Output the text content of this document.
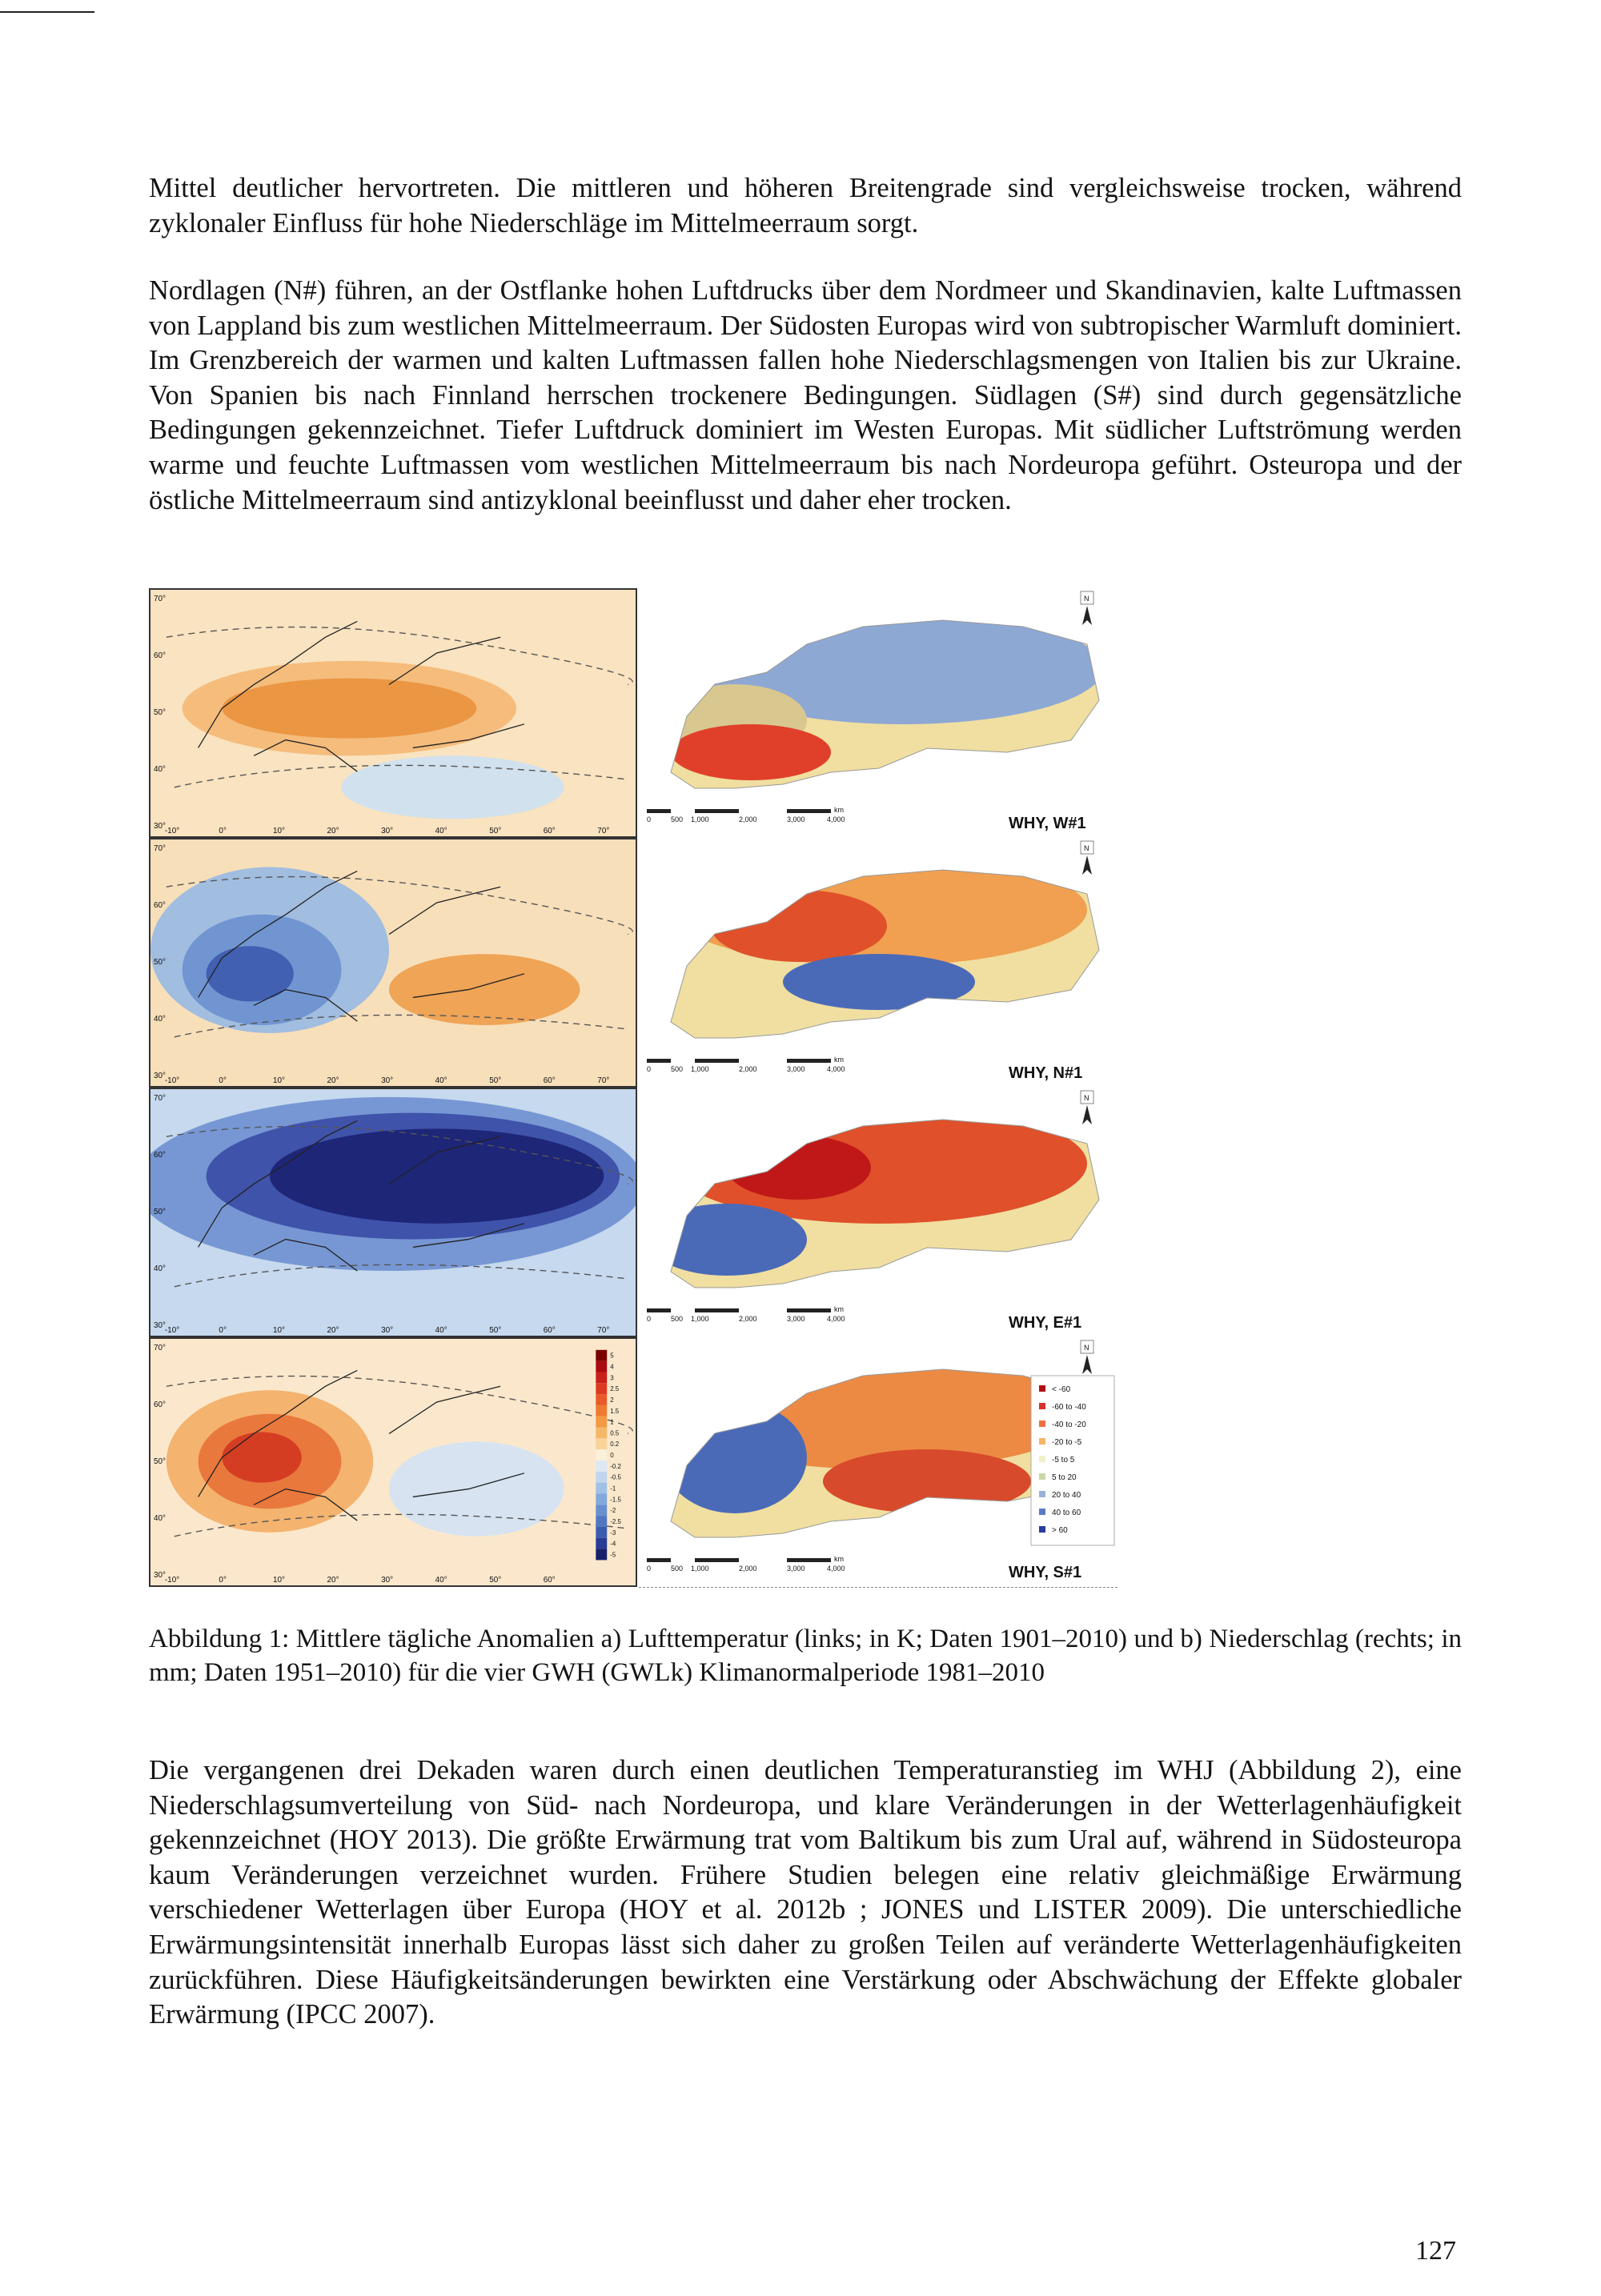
Mittel deutlicher hervortreten. Die mittleren und höheren Breitengrade sind vergleichsweise trocken, während zyklonaler Einfluss für hohe Niederschläge im Mittelmeerraum sorgt.

Nordlagen (N#) führen, an der Ostflanke hohen Luftdrucks über dem Nordmeer und Skandinavien, kalte Luftmassen von Lappland bis zum westlichen Mittelmeerraum. Der Südosten Europas wird von subtropischer Warmluft dominiert. Im Grenzbereich der warmen und kalten Luftmassen fallen hohe Niederschlagsmengen von Italien bis zur Ukraine. Von Spanien bis nach Finnland herrschen trockenere Bedingungen. Südlagen (S#) sind durch gegensätzliche Bedingungen gekennzeichnet. Tiefer Luftdruck dominiert im Westen Europas. Mit südlicher Luftströmung werden warme und feuchte Luftmassen vom westlichen Mittelmeerraum bis nach Nordeuropa geführt. Osteuropa und der östliche Mittelmeerraum sind antizyklonal beeinflusst und daher eher trocken.

70°
60°
50°
40°
30°
-10°	0°	10°	20°	30°	40°	50°	60°	70°
N
0	500 1,000	2,000	3,000	4,000
km
WHY, W#1
70°
60°
50°
40°
30°
-10°	0°	10°	20°	30°	40°	50°	60°	70°
N
0	500 1,000	2,000	3,000	4,000
km
WHY, N#1
70°
60°
50°
40°
30°
-10°	0°	10°	20°	30°	40°	50°	60°	70°
N
0	500 1,000	2,000	3,000	4,000
km
WHY, E#1
70°
60°
50°
40°
30°
-10°	0°	10°	20°	30°	40°	50°	60°
5
4
3
2.5
2
1.5
1
0.5
0.2
0
-0.2
-0.5
-1
-1.5
-2
-2.5
-3
-4
-5
N
0	500 1,000	2,000	3,000	4,000
km
WHY, S#1
< -60
-60 to -40
-40 to -20
-20 to -5
-5 to 5
5 to 20
20 to 40
40 to 60
> 60

Abbildung 1: Mittlere tägliche Anomalien a) Lufttemperatur (links; in K; Daten 1901–2010) und b) Niederschlag (rechts; in mm; Daten 1951–2010) für die vier GWH (GWLk) Klimanormalperiode 1981–2010

Die vergangenen drei Dekaden waren durch einen deutlichen Temperaturanstieg im WHJ (Abbildung 2), eine Niederschlagsumverteilung von Süd- nach Nordeuropa, und klare Veränderungen in der Wetterlagenhäufigkeit gekennzeichnet (HOY 2013). Die größte Erwärmung trat vom Baltikum bis zum Ural auf, während in Südosteuropa kaum Veränderungen verzeichnet wurden. Frühere Studien belegen eine relativ gleichmäßige Erwärmung verschiedener Wetterlagen über Europa (HOY et al. 2012b ; JONES und LISTER 2009). Die unterschiedliche Erwärmungsintensität innerhalb Europas lässt sich daher zu großen Teilen auf veränderte Wetterlagenhäufigkeiten zurückführen. Diese Häufigkeitsänderungen bewirkten eine Verstärkung oder Abschwächung der Effekte globaler Erwärmung (IPCC 2007).

127
